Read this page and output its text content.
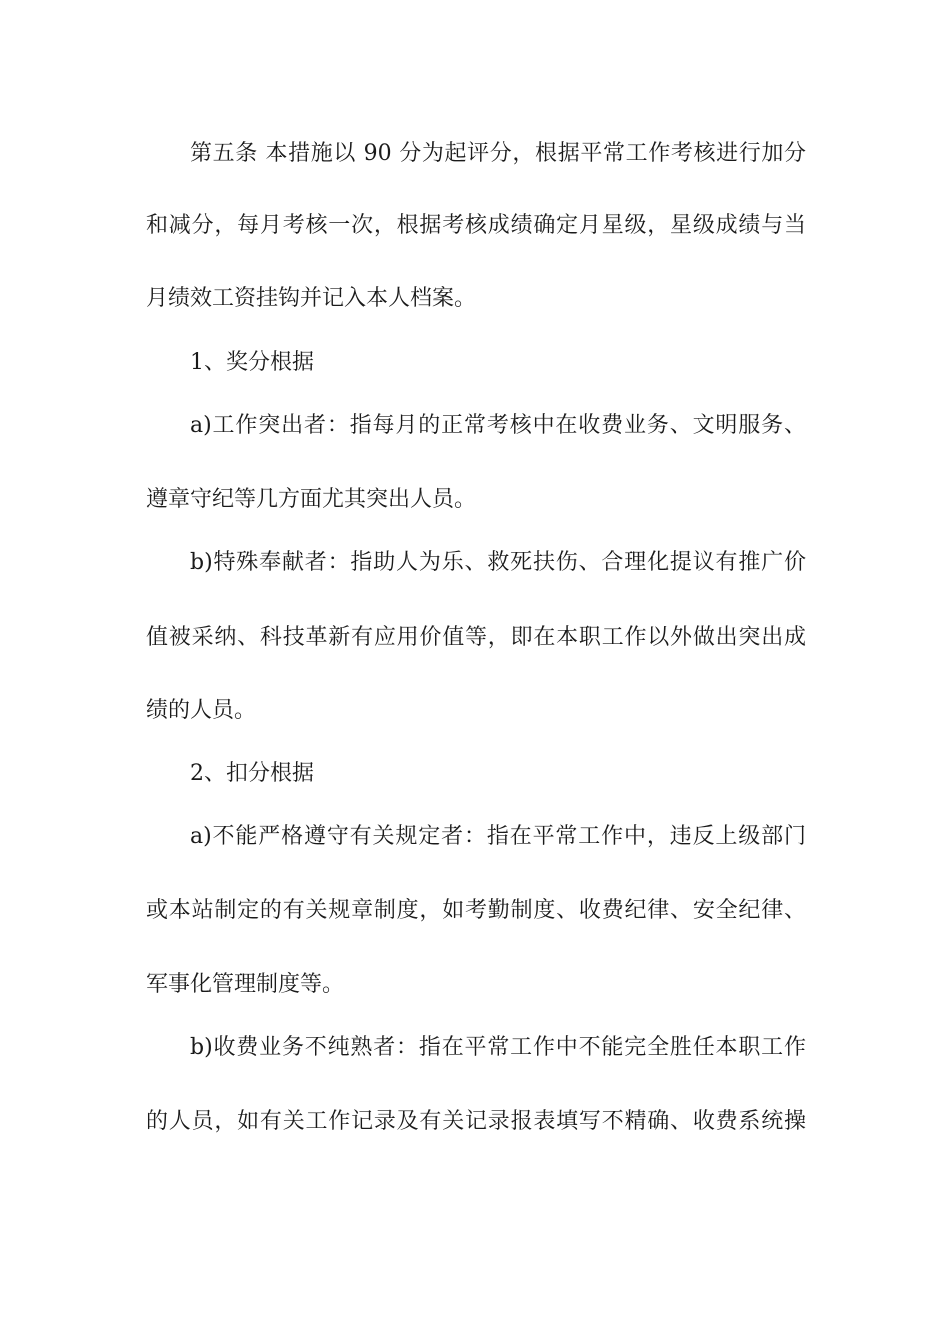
第五条 本措施以 90 分为起评分，根据平常工作考核进行加分
和减分，每月考核一次，根据考核成绩确定月星级，星级成绩与当
月绩效工资挂钩并记入本人档案。
1、奖分根据
a)工作突出者：指每月的正常考核中在收费业务、文明服务、
遵章守纪等几方面尤其突出人员。
b)特殊奉献者：指助人为乐、救死扶伤、合理化提议有推广价
值被采纳、科技革新有应用价值等，即在本职工作以外做出突出成
绩的人员。
2、扣分根据
a)不能严格遵守有关规定者：指在平常工作中，违反上级部门
或本站制定的有关规章制度，如考勤制度、收费纪律、安全纪律、
军事化管理制度等。
b)收费业务不纯熟者：指在平常工作中不能完全胜任本职工作
的人员，如有关工作记录及有关记录报表填写不精确、收费系统操
